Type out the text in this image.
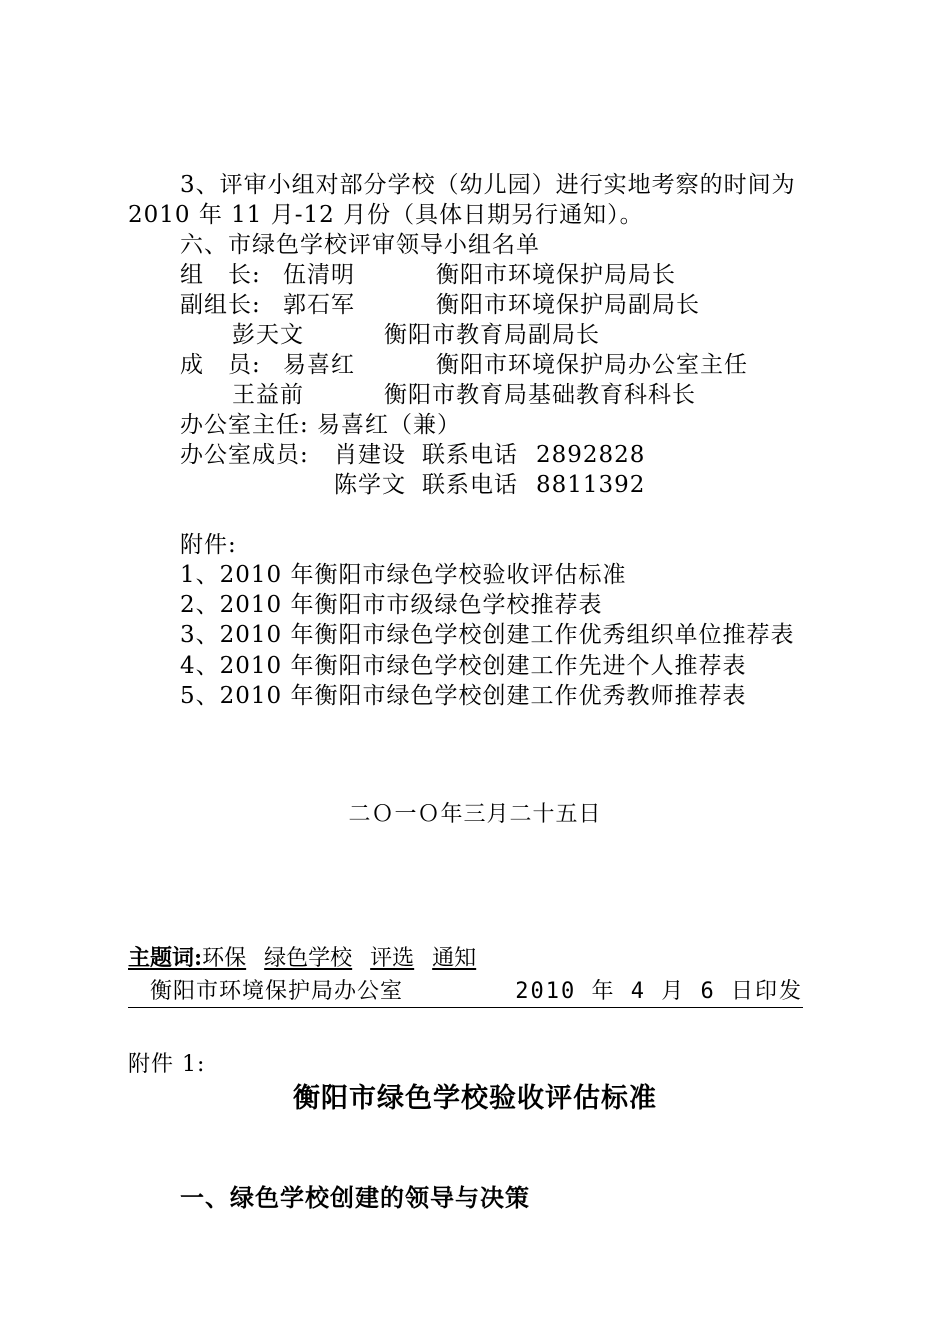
3、评审小组对部分学校（幼儿园）进行实地考察的时间为
2010 年 11 月-12 月份（具体日期另行通知）。
六、市绿色学校评审领导小组名单
组　长: 伍清明	衡阳市环境保护局局长
副组长: 郭石军	衡阳市环境保护局副局长
彭天文	衡阳市教育局副局长
成　员: 易喜红	衡阳市环境保护局办公室主任
王益前	衡阳市教育局基础教育科科长
办公室主任: 易喜红（兼）
办公室成员: 肖建设 联系电话 2892828
陈学文 联系电话 8811392
附件:
1、2010 年衡阳市绿色学校验收评估标准
2、2010 年衡阳市市级绿色学校推荐表
3、2010 年衡阳市绿色学校创建工作优秀组织单位推荐表
4、2010 年衡阳市绿色学校创建工作先进个人推荐表
5、2010 年衡阳市绿色学校创建工作优秀教师推荐表
二Ｏ一Ｏ年三月二十五日
主题词:环保 绿色学校 评选 通知
衡阳市环境保护局办公室	2010 年 4 月 6 日印发
附件 1:
衡阳市绿色学校验收评估标准
一、绿色学校创建的领导与决策
